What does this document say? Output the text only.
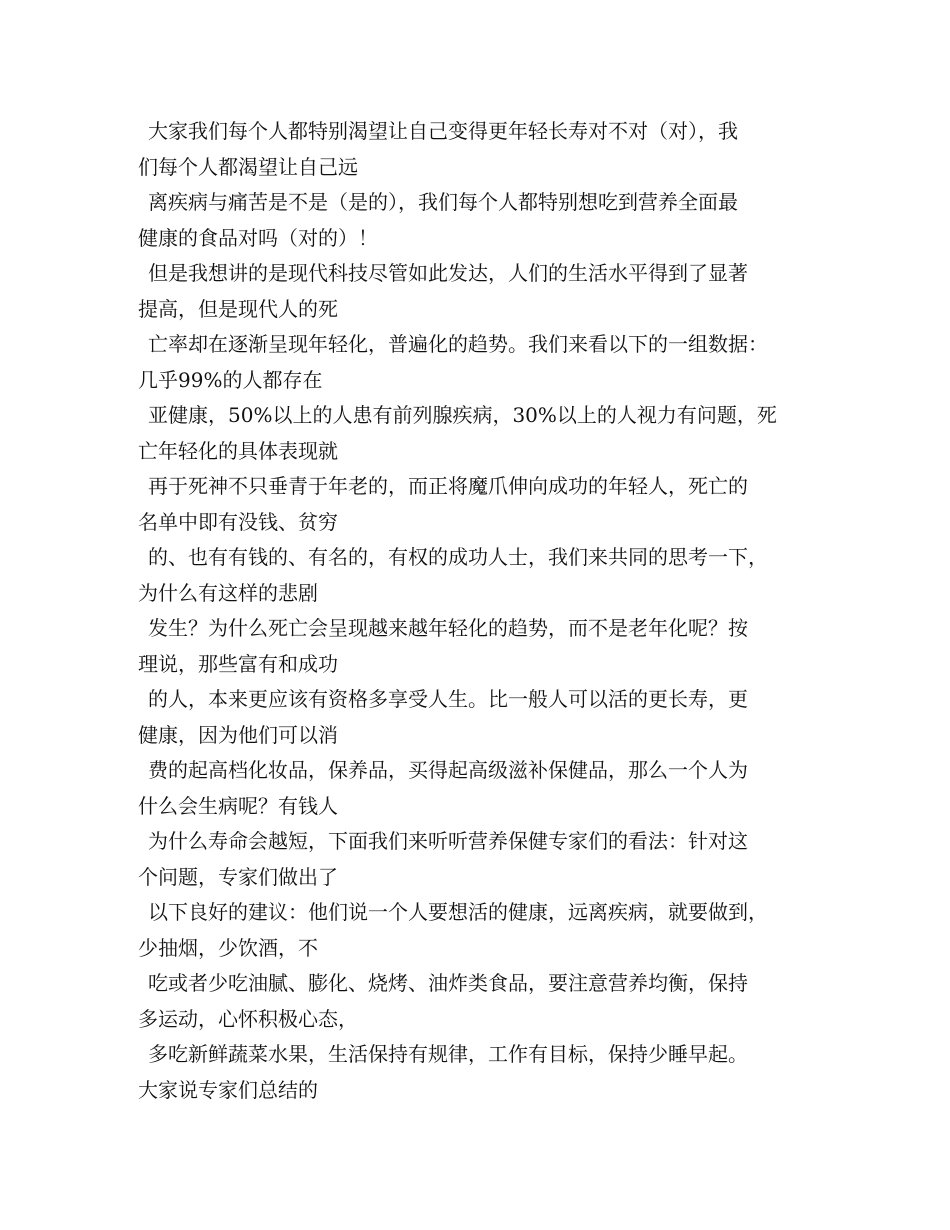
大家我们每个人都特别渴望让自己变得更年轻长寿对不对（对），我
们每个人都渴望让自己远
离疾病与痛苦是不是（是的），我们每个人都特别想吃到营养全面最
健康的食品对吗（对的）！
但是我想讲的是现代科技尽管如此发达，人们的生活水平得到了显著
提高，但是现代人的死
亡率却在逐渐呈现年轻化，普遍化的趋势。我们来看以下的一组数据：
几乎99%的人都存在
亚健康，50%以上的人患有前列腺疾病，30%以上的人视力有问题，死
亡年轻化的具体表现就
再于死神不只垂青于年老的，而正将魔爪伸向成功的年轻人，死亡的
名单中即有没钱、贫穷
的、也有有钱的、有名的，有权的成功人士，我们来共同的思考一下，
为什么有这样的悲剧
发生？为什么死亡会呈现越来越年轻化的趋势，而不是老年化呢？按
理说，那些富有和成功
的人，本来更应该有资格多享受人生。比一般人可以活的更长寿，更
健康，因为他们可以消
费的起高档化妆品，保养品，买得起高级滋补保健品，那么一个人为
什么会生病呢？有钱人
为什么寿命会越短，下面我们来听听营养保健专家们的看法：针对这
个问题，专家们做出了
以下良好的建议：他们说一个人要想活的健康，远离疾病，就要做到，
少抽烟，少饮酒，不
吃或者少吃油腻、膨化、烧烤、油炸类食品，要注意营养均衡，保持
多运动，心怀积极心态，
多吃新鲜蔬菜水果，生活保持有规律，工作有目标，保持少睡早起。
大家说专家们总结的
